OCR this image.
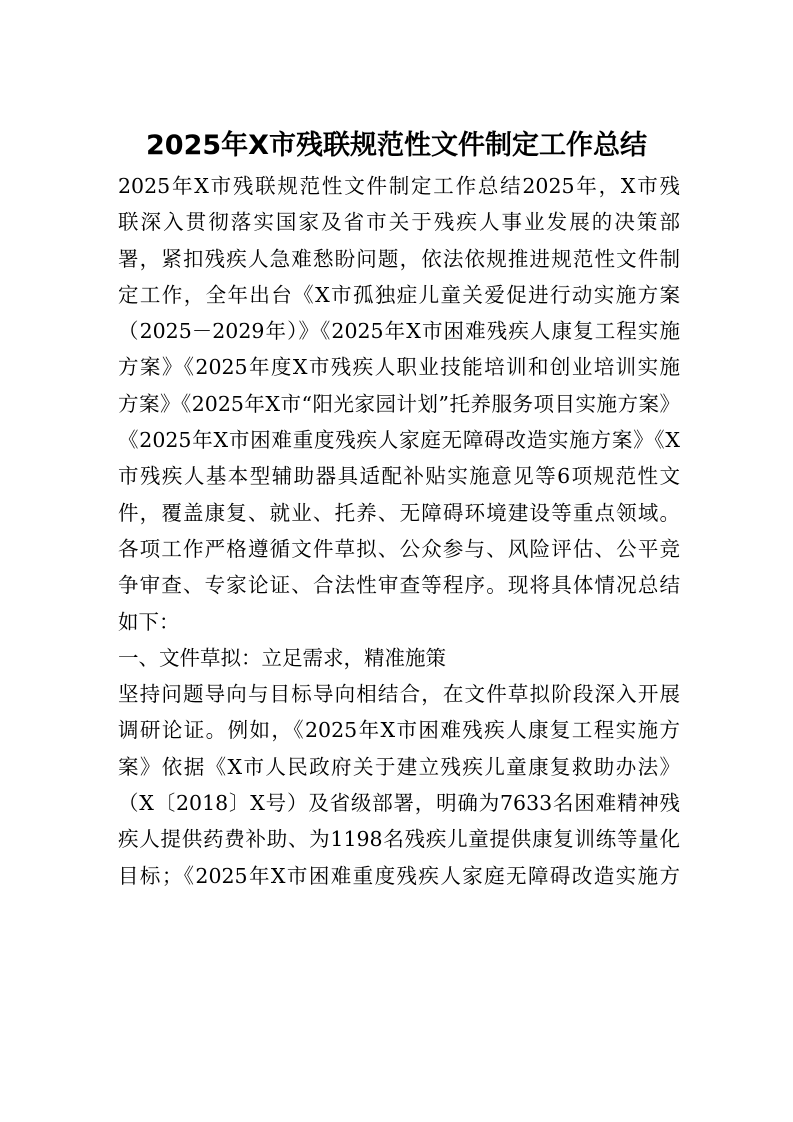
2025年X市残联规范性文件制定工作总结
2025年X市残联规范性文件制定工作总结2025年，X市残
联深入贯彻落实国家及省市关于残疾人事业发展的决策部
署，紧扣残疾人急难愁盼问题，依法依规推进规范性文件制
定工作，全年出台《X市孤独症儿童关爱促进行动实施方案
（2025－2029年）》《2025年X市困难残疾人康复工程实施
方案》《2025年度X市残疾人职业技能培训和创业培训实施
方案》《2025年X市“阳光家园计划”托养服务项目实施方案》
《2025年X市困难重度残疾人家庭无障碍改造实施方案》《X
市残疾人基本型辅助器具适配补贴实施意见等6项规范性文
件，覆盖康复、就业、托养、无障碍环境建设等重点领域。
各项工作严格遵循文件草拟、公众参与、风险评估、公平竞
争审查、专家论证、合法性审查等程序。现将具体情况总结
如下：
一、文件草拟：立足需求，精准施策
坚持问题导向与目标导向相结合，在文件草拟阶段深入开展
调研论证。例如，《2025年X市困难残疾人康复工程实施方
案》依据《X市人民政府关于建立残疾儿童康复救助办法》
（X〔2018〕X号）及省级部署，明确为7633名困难精神残
疾人提供药费补助、为1198名残疾儿童提供康复训练等量化
目标；《2025年X市困难重度残疾人家庭无障碍改造实施方
